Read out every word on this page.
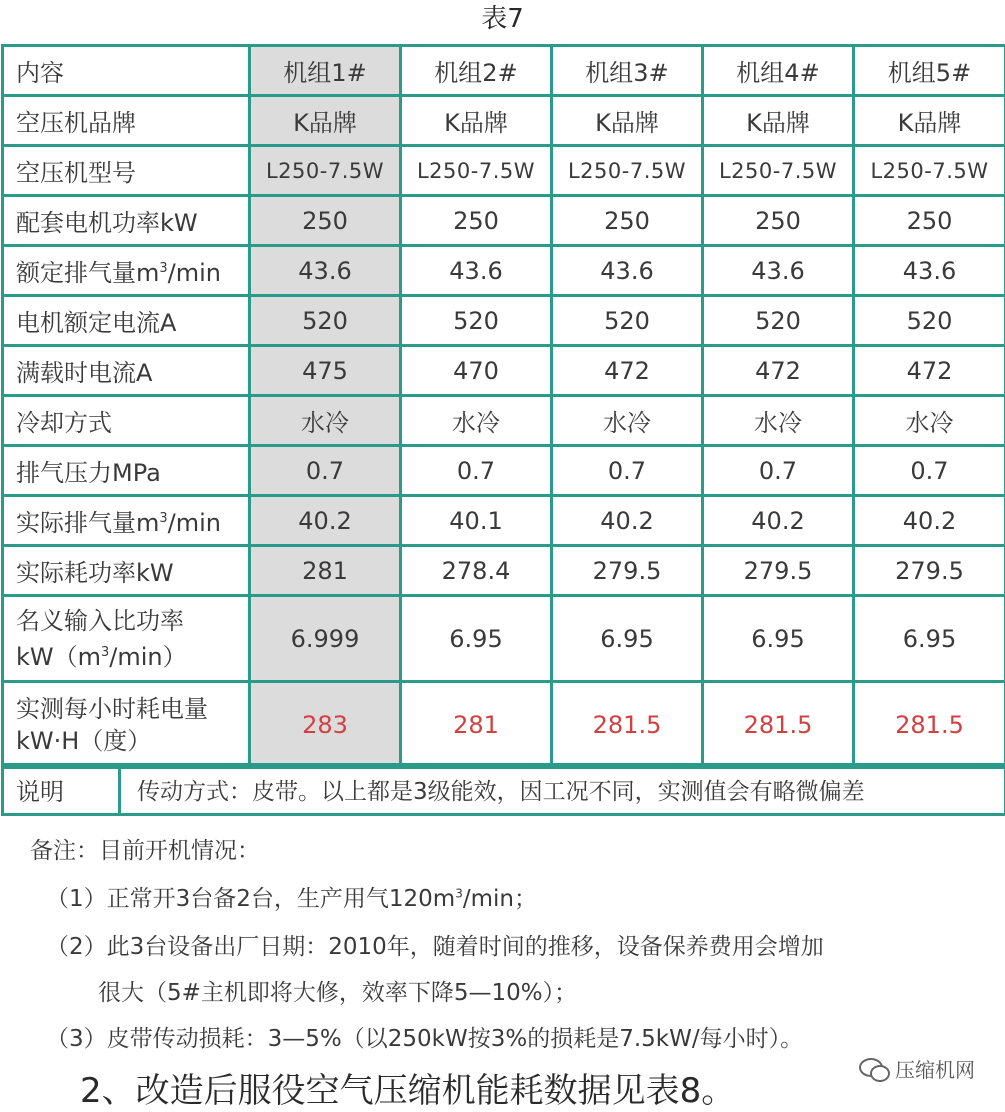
表7
内容	机组1#	机组2#	机组3#	机组4#	机组5#
空压机品牌	K品牌	K品牌	K品牌	K品牌	K品牌
空压机型号	L250-7.5W	L250-7.5W	L250-7.5W	L250-7.5W	L250-7.5W
配套电机功率kW	250	250	250	250	250
额定排气量$m^3/\min$	43.6	43.6	43.6	43.6	43.6
电机额定电流A	520	520	520	520	520
满载时电流A	475	470	472	472	472
冷却方式	水冷	水冷	水冷	水冷	水冷
排气压力MPa	0.7	0.7	0.7	0.7	0.7
实际排气量$m^3/\min$	40.2	40.1	40.2	40.2	40.2
实际耗功率kW	281	278.4	279.5	279.5	279.5

名义输入比功率
$kW(m^3/\min)$	6.999	6.95	6.95	6.95	6.95

实测每小时耗电量
kW·H（度）	283	281	281.5	281.5	281.5
说明	传动方式：皮带。以上都是3级能效，因工况不同，实测值会有略微偏差
备注：目前开机情况：
（1）正常开3台备2台，生产用气$120m^3/\min$；
（2）此3台设备出厂日期：2010年，随着时间的推移，设备保养费用会增加
很大（5#主机即将大修，效率下降5—10%）；
（3）皮带传动损耗：3—5%（以250kW按3%的损耗是7.5kW/每小时）。
2、改造后服役空气压缩机能耗数据见表8。
压缩机网
